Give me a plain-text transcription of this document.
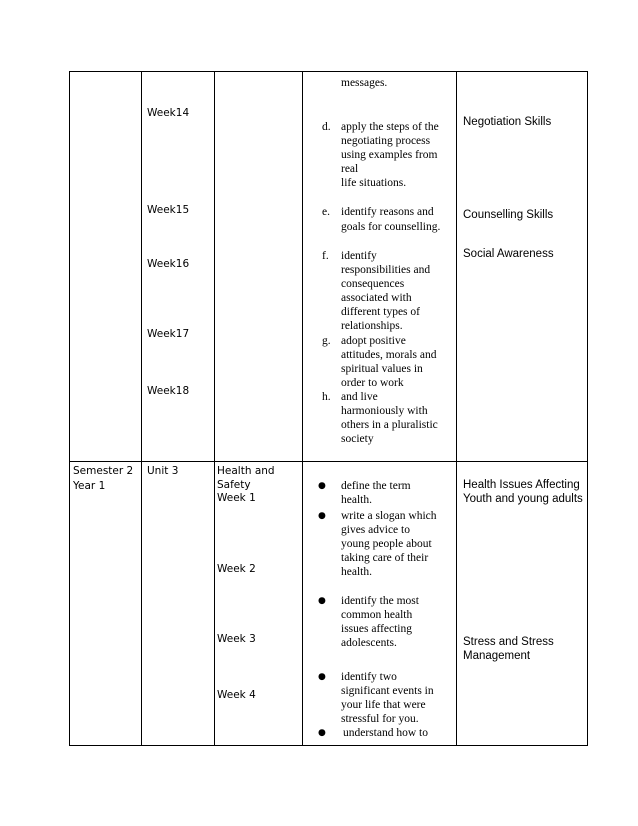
Week14
Week15
Week16
Week17
Week18
messages.
d. apply the steps of the
negotiating process
using examples from
real
life situations.
e. identify reasons and
goals for counselling.
f. identify
responsibilities and
consequences
associated with
different types of
relationships.
g. adopt positive
attitudes, morals and
spiritual values in
order to work
h. and live
harmoniously with
others in a pluralistic
society
Negotiation Skills
Counselling Skills
Social Awareness
Semester 2
Year 1
Unit 3	Health and
Safety
Week 1
Week 2
Week 3
Week 4
● define the term
health.
● write a slogan which
gives advice to
young people about
taking care of their
health.
● identify the most
common health
issues affecting
adolescents.
● identify two
significant events in
your life that were
stressful for you.
● understand how to
Health Issues Affecting
Youth and young adults
Stress and Stress
Management
